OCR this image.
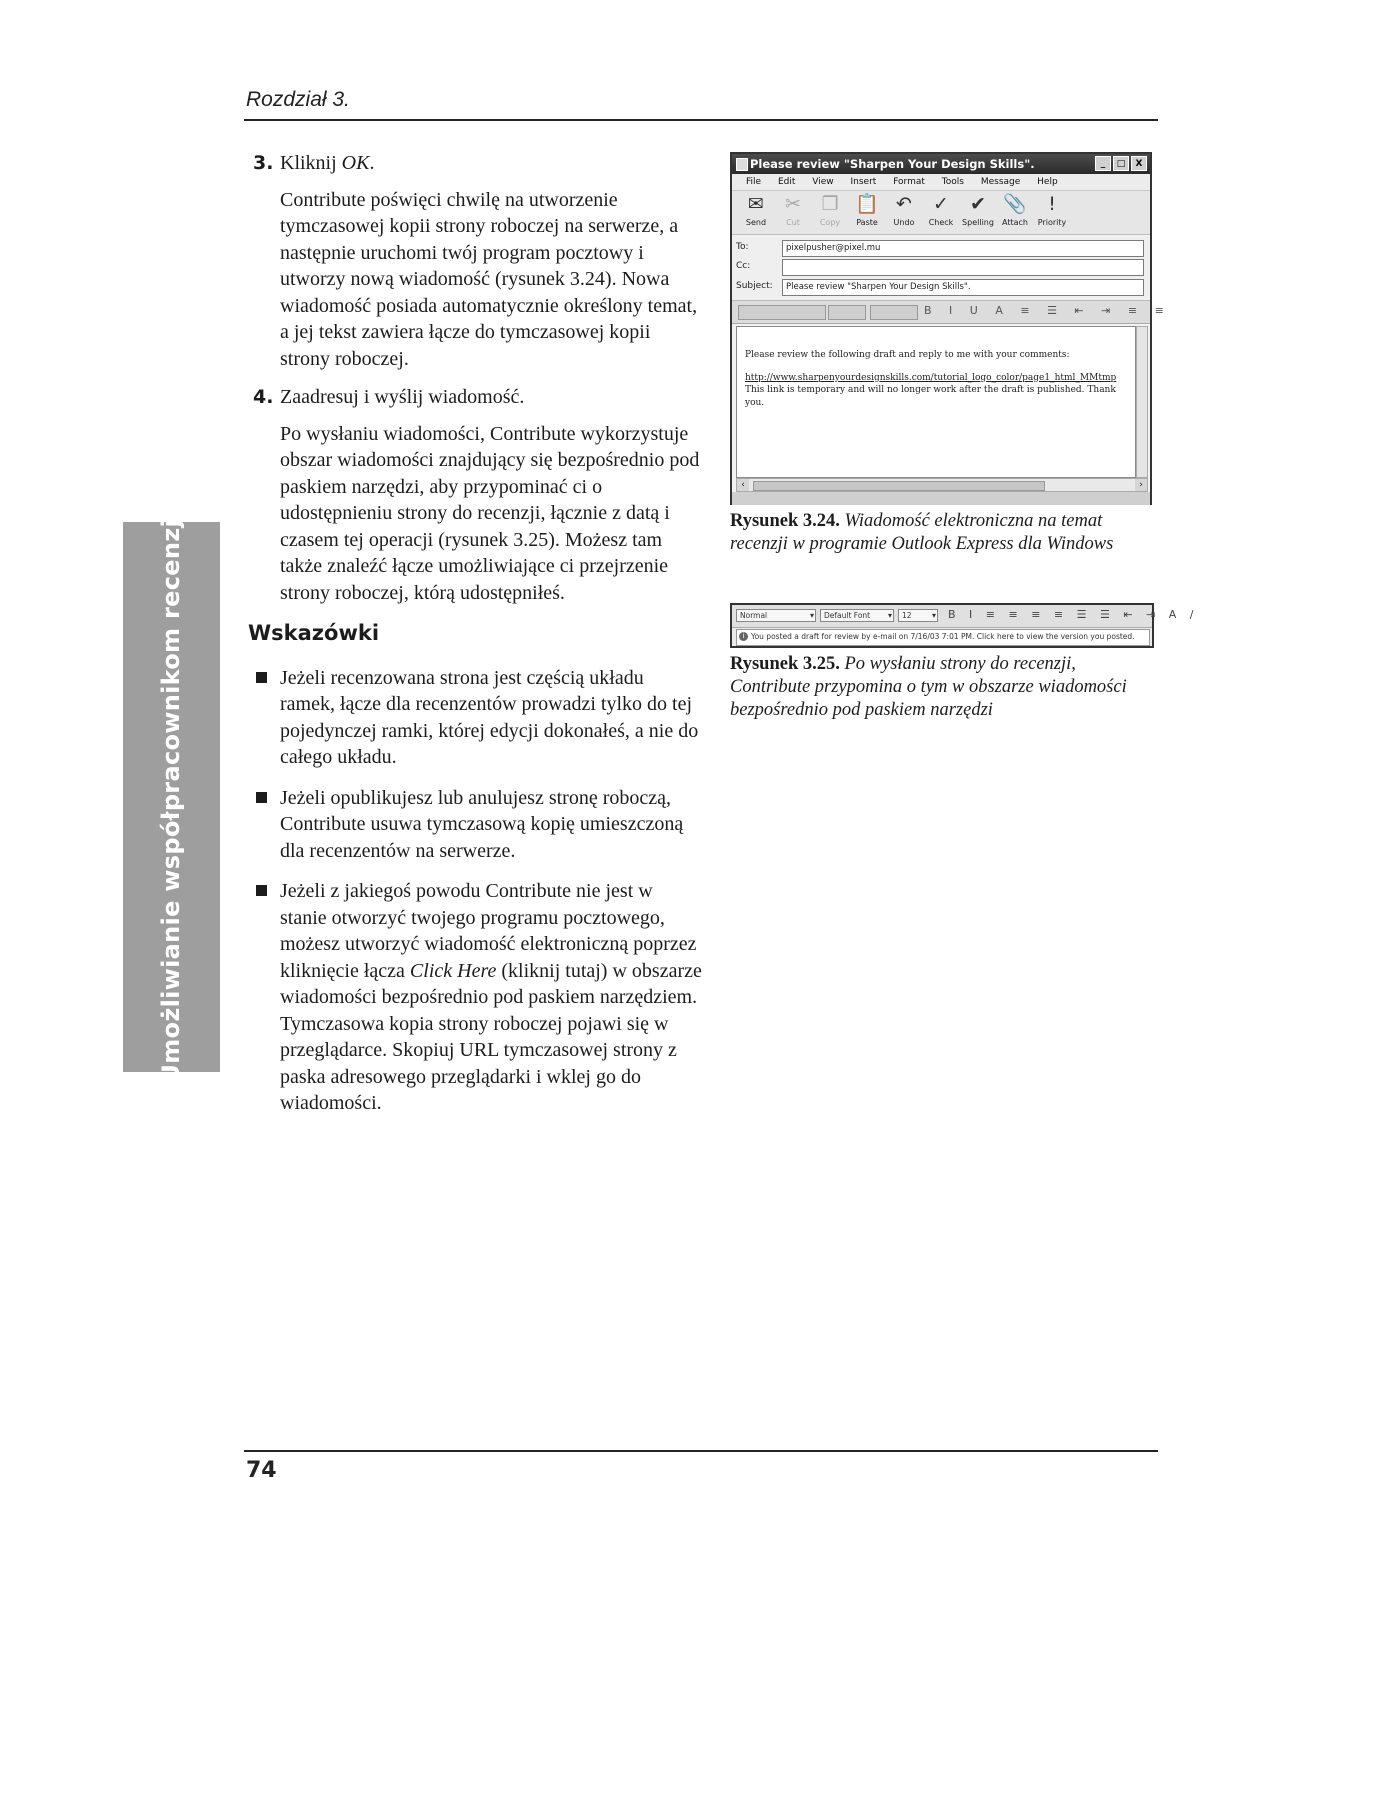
Rozdział 3.
Umożliwianie współpracownikom recenzji

3. Kliknij OK.

Contribute poświęci chwilę na utworzenie tymczasowej kopii strony roboczej na serwerze, a następnie uruchomi twój program pocztowy i utworzy nową wiadomość (rysunek 3.24). Nowa wiadomość posiada automatycznie określony temat, a jej tekst zawiera łącze do tymczasowej kopii strony roboczej.

4. Zaadresuj i wyślij wiadomość.

Po wysłaniu wiadomości, Contribute wykorzystuje obszar wiadomości znajdujący się bezpośrednio pod paskiem narzędzi, aby przypominać ci o udostępnieniu strony do recenzji, łącznie z datą i czasem tej operacji (rysunek 3.25). Możesz tam także znaleźć łącze umożliwiające ci przejrzenie strony roboczej, którą udostępniłeś.

Wskazówki

Jeżeli recenzowana strona jest częścią układu ramek, łącze dla recenzentów prowadzi tylko do tej pojedynczej ramki, której edycji dokonałeś, a nie do całego układu.

Jeżeli opublikujesz lub anulujesz stronę roboczą, Contribute usuwa tymczasową kopię umieszczoną dla recenzentów na serwerze.

Jeżeli z jakiegoś powodu Contribute nie jest w stanie otworzyć twojego programu pocztowego, możesz utworzyć wiadomość elektroniczną poprzez kliknięcie łącza Click Here (kliknij tutaj) w obszarze wiadomości bezpośrednio pod paskiem narzędziem. Tymczasowa kopia strony roboczej pojawi się w przeglądarce. Skopiuj URL tymczasowej strony z paska adresowego przeglądarki i wklej go do wiadomości.

Please review "Sharpen Your Design Skills".	_	□	X
File Edit View Insert Format Tools Message Help
✉
Send
✂
Cut
❐
Copy
📋
Paste
↶
Undo
✓
Check
✔
Spelling
📎
Attach
!
Priority
To:	pixelpusher@pixel.mu
Cc:
Subject:	Please review "Sharpen Your Design Skills".
B I U A ≡ ☰ ⇤ ⇥ ≡ ≡

Please review the following draft and reply to me with your comments:

http://www.sharpenyourdesignskills.com/tutorial_logo_color/page1_html_MMtmp

This link is temporary and will no longer work after the draft is published. Thank you.

‹	›
Rysunek 3.24. Wiadomość elektroniczna na temat recenzji w programie Outlook Express dla Windows
Normal ▾	Default Font ▾	12 ▾	B I ≡ ≡ ≡ ≡ ☰ ☰ ⇤ ⇥ A ∕
i You posted a draft for review by e-mail on 7/16/03 7:01 PM. Click here to view the version you posted.
Rysunek 3.25. Po wysłaniu strony do recenzji, Contribute przypomina o tym w obszarze wiadomości bezpośrednio pod paskiem narzędzi
74
